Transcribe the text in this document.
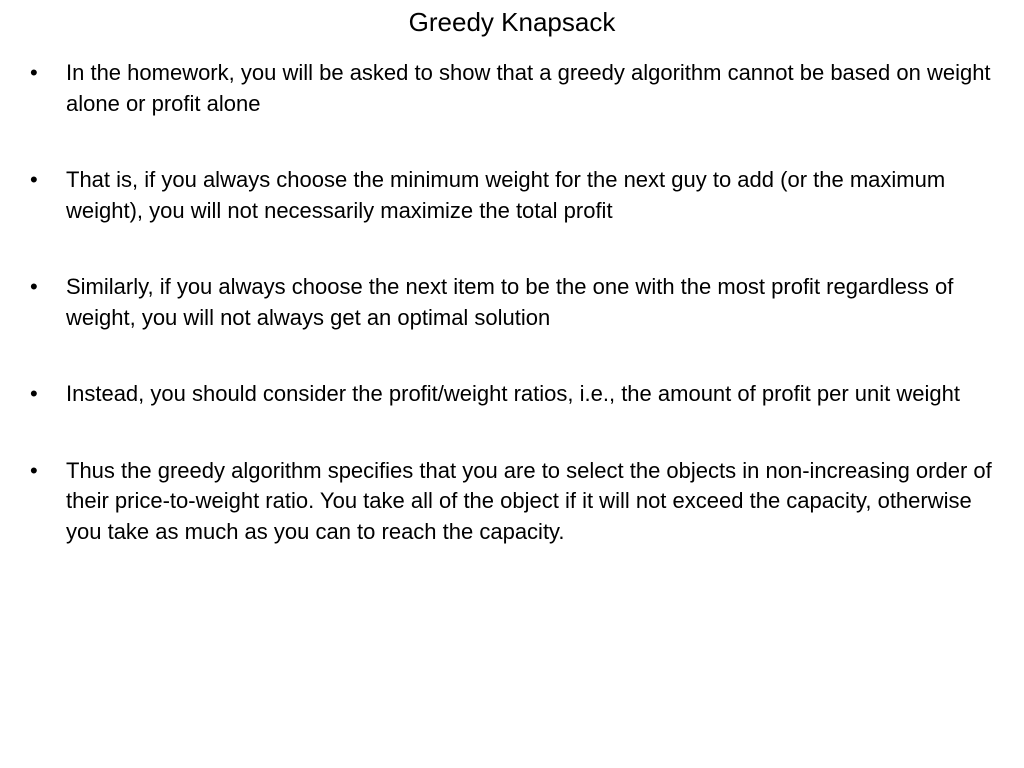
Greedy Knapsack
•	In the homework, you will be asked to show that a greedy algorithm cannot be based on weight alone or profit alone
•	That is, if you always choose the minimum weight for the next guy to add (or the maximum weight), you will not necessarily maximize the total profit
•	Similarly, if you always choose the next item to be the one with the most profit regardless of weight, you will not always get an optimal solution
•	Instead, you should consider the profit/weight ratios, i.e., the amount of profit per unit weight
•	Thus the greedy algorithm specifies that you are to select the objects in non-increasing order of their price-to-weight ratio. You take all of the object if it will not exceed the capacity, otherwise you take as much as you can to reach the capacity.
